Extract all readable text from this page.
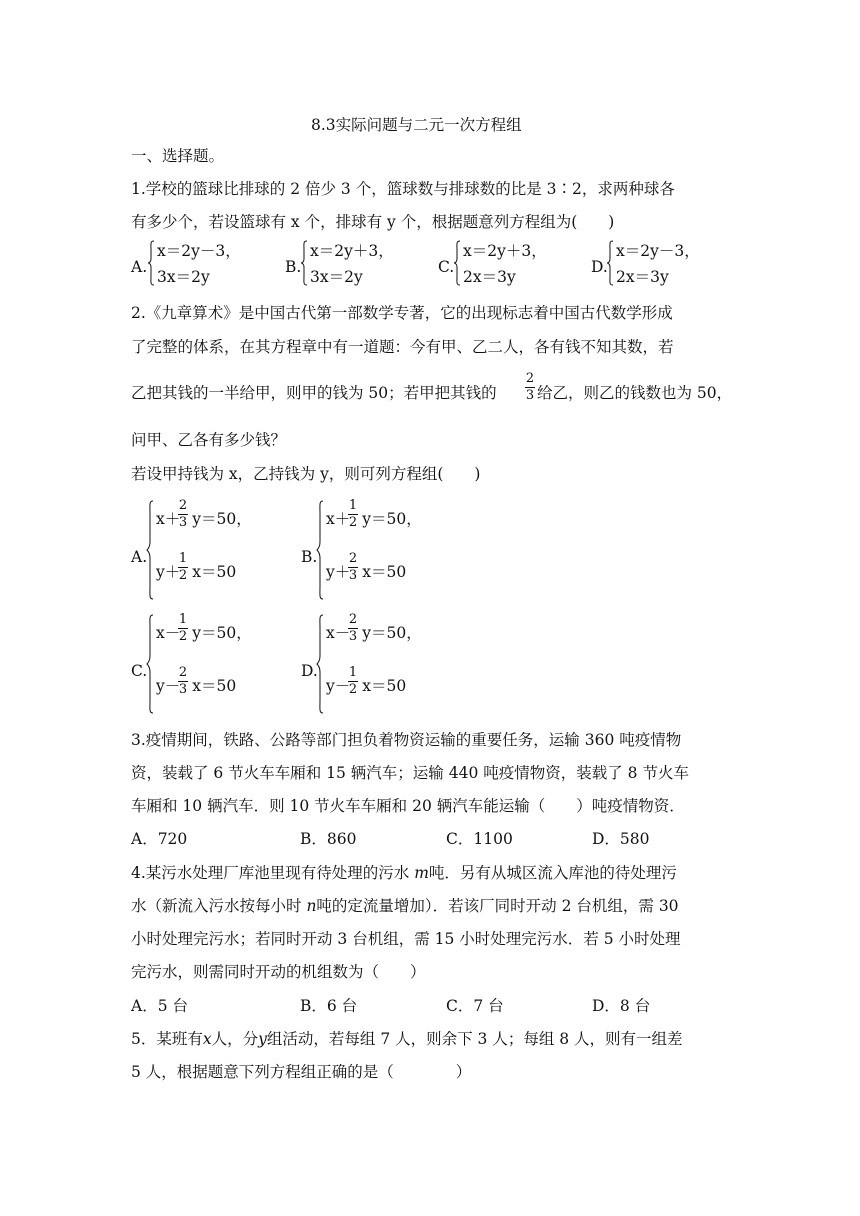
8.3实际问题与二元一次方程组
一、选择题。
1.学校的篮球比排球的 2 倍少 3 个，篮球数与排球数的比是 3∶2，求两种球各
有多少个，若设篮球有 x 个，排球有 y 个，根据题意列方程组为(　　)
A.
x＝2y－3，
3x＝2y
B.
x＝2y＋3，
3x＝2y
C.
x＝2y＋3，
2x＝3y
D.
x＝2y－3，
2x＝3y
2.《九章算术》是中国古代第一部数学专著，它的出现标志着中国古代数学形成
了完整的体系，在其方程章中有一道题：今有甲、乙二人，各有钱不知其数，若
乙把其钱的一半给甲，则甲的钱为 50；若甲把其钱的
2
3 给乙，则乙的钱数也为 50，
问甲、乙各有多少钱？
若设甲持钱为 x，乙持钱为 y，则可列方程组(　　)
A.
x＋ y＝50，
2
3
y＋ x＝50
1
2
B.
x＋ y＝50，
1
2
y＋ x＝50
2
3
C.
x－ y＝50，
1
2
y－ x＝50
2
3
D.
x－ y＝50，
2
3
y－ x＝50
1
2
3.疫情期间，铁路、公路等部门担负着物资运输的重要任务，运输 360 吨疫情物
资，装载了 6 节火车车厢和 15 辆汽车；运输 440 吨疫情物资，装载了 8 节火车
车厢和 10 辆汽车．则 10 节火车车厢和 20 辆汽车能运输（　　）吨疫情物资．
A．720	B．860	C．1100	D．580
4.某污水处理厂库池里现有待处理的污水 m吨．另有从城区流入库池的待处理污
水（新流入污水按每小时 n吨的定流量增加）．若该厂同时开动 2 台机组，需 30
小时处理完污水；若同时开动 3 台机组，需 15 小时处理完污水．若 5 小时处理
完污水，则需同时开动的机组数为（　　）
A．5 台	B．6 台	C．7 台	D．8 台
5．某班有x人，分y组活动，若每组 7 人，则余下 3 人；每组 8 人，则有一组差
5 人，根据题意下列方程组正确的是（　　　　）
